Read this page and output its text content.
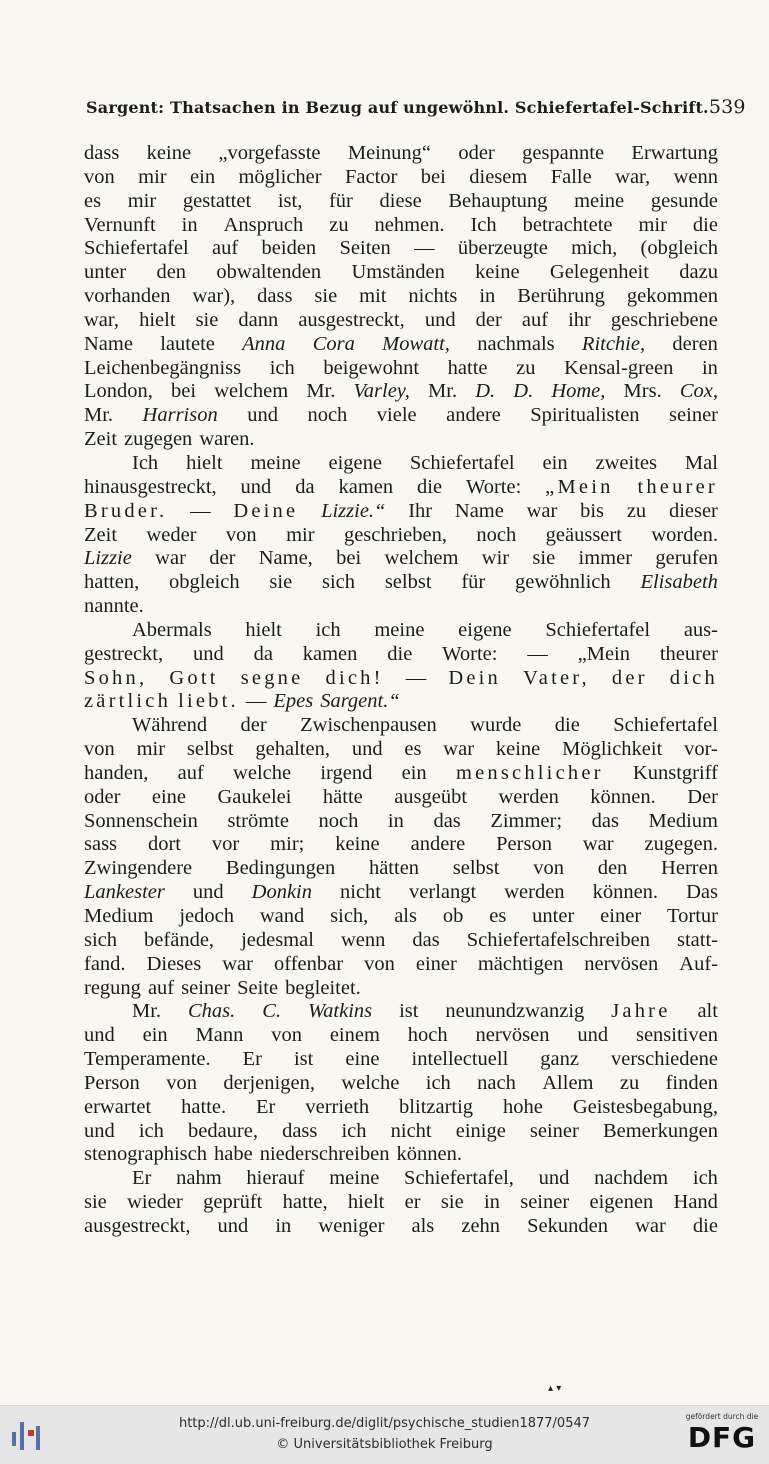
Sargent: Thatsachen in Bezug auf ungewöhnl. Schiefertafel-Schrift. 539
dass keine „vorgefasste Meinung“ oder gespannte Erwartung
von mir ein möglicher Factor bei diesem Falle war, wenn
es mir gestattet ist, für diese Behauptung meine gesunde
Vernunft in Anspruch zu nehmen. Ich betrachtete mir die
Schiefertafel auf beiden Seiten — überzeugte mich, (obgleich
unter den obwaltenden Umständen keine Gelegenheit dazu
vorhanden war), dass sie mit nichts in Berührung gekommen
war, hielt sie dann ausgestreckt, und der auf ihr geschriebene
Name lautete Anna Cora Mowatt, nachmals Ritchie, deren
Leichenbegängniss ich beigewohnt hatte zu Kensal-green in
London, bei welchem Mr. Varley, Mr. D. D. Home, Mrs. Cox,
Mr. Harrison und noch viele andere Spiritualisten seiner
Zeit zugegen waren.
Ich hielt meine eigene Schiefertafel ein zweites Mal
hinausgestreckt, und da kamen die Worte: „Mein theurer
Bruder. — Deine Lizzie.“ Ihr Name war bis zu dieser
Zeit weder von mir geschrieben, noch geäussert worden.
Lizzie war der Name, bei welchem wir sie immer gerufen
hatten, obgleich sie sich selbst für gewöhnlich Elisabeth
nannte.
Abermals hielt ich meine eigene Schiefertafel aus-
gestreckt, und da kamen die Worte: — „Mein theurer
Sohn, Gott segne dich! — Dein Vater, der dich
zärtlich liebt. — Epes Sargent.“
Während der Zwischenpausen wurde die Schiefertafel
von mir selbst gehalten, und es war keine Möglichkeit vor-
handen, auf welche irgend ein menschlicher Kunstgriff
oder eine Gaukelei hätte ausgeübt werden können. Der
Sonnenschein strömte noch in das Zimmer; das Medium
sass dort vor mir; keine andere Person war zugegen.
Zwingendere Bedingungen hätten selbst von den Herren
Lankester und Donkin nicht verlangt werden können. Das
Medium jedoch wand sich, als ob es unter einer Tortur
sich befände, jedesmal wenn das Schiefertafelschreiben statt-
fand. Dieses war offenbar von einer mächtigen nervösen Auf-
regung auf seiner Seite begleitet.
Mr. Chas. C. Watkins ist neunundzwanzig Jahre alt
und ein Mann von einem hoch nervösen und sensitiven
Temperamente. Er ist eine intellectuell ganz verschiedene
Person von derjenigen, welche ich nach Allem zu finden
erwartet hatte. Er verrieth blitzartig hohe Geistesbegabung,
und ich bedaure, dass ich nicht einige seiner Bemerkungen
stenographisch habe niederschreiben können.
Er nahm hierauf meine Schiefertafel, und nachdem ich
sie wieder geprüft hatte, hielt er sie in seiner eigenen Hand
ausgestreckt, und in weniger als zehn Sekunden war die
▴ ▾
http://dl.ub.uni-freiburg.de/diglit/psychische_studien1877/0547
© Universitätsbibliothek Freiburg
gefördert durch die
DFG
